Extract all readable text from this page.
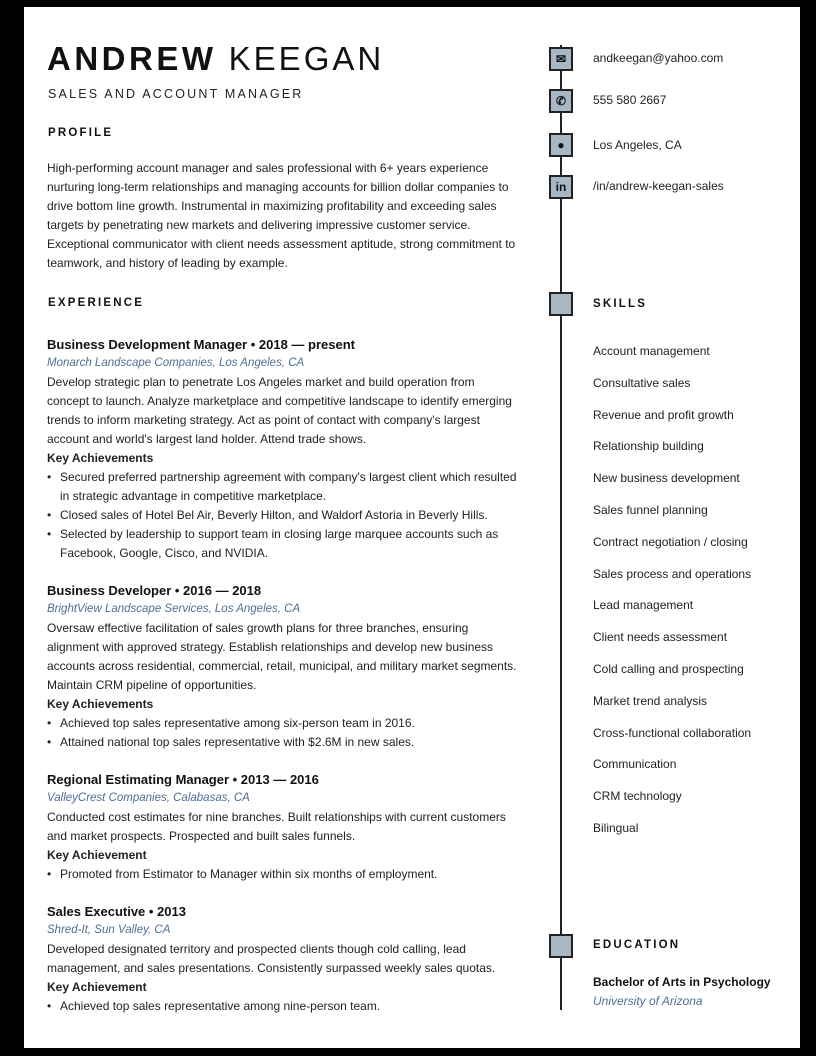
ANDREW KEEGAN
SALES AND ACCOUNT MANAGER
PROFILE
High-performing account manager and sales professional with 6+ years experience nurturing long-term relationships and managing accounts for billion dollar companies to drive bottom line growth. Instrumental in maximizing profitability and exceeding sales targets by penetrating new markets and delivering impressive customer service. Exceptional communicator with client needs assessment aptitude, strong commitment to teamwork, and history of leading by example.
EXPERIENCE
Business Development Manager • 2018 — present
Monarch Landscape Companies, Los Angeles, CA
Develop strategic plan to penetrate Los Angeles market and build operation from concept to launch. Analyze marketplace and competitive landscape to identify emerging trends to inform marketing strategy. Act as point of contact with company's largest account and world's largest land holder. Attend trade shows.
Key Achievements
• Secured preferred partnership agreement with company's largest client which resulted in strategic advantage in competitive marketplace.
• Closed sales of Hotel Bel Air, Beverly Hilton, and Waldorf Astoria in Beverly Hills.
• Selected by leadership to support team in closing large marquee accounts such as Facebook, Google, Cisco, and NVIDIA.
Business Developer • 2016 — 2018
BrightView Landscape Services, Los Angeles, CA
Oversaw effective facilitation of sales growth plans for three branches, ensuring alignment with approved strategy. Establish relationships and develop new business accounts across residential, commercial, retail, municipal, and military market segments. Maintain CRM pipeline of opportunities.
Key Achievements
• Achieved top sales representative among six-person team in 2016.
• Attained national top sales representative with $2.6M in new sales.
Regional Estimating Manager • 2013 — 2016
ValleyCrest Companies, Calabasas, CA
Conducted cost estimates for nine branches. Built relationships with current customers and market prospects. Prospected and built sales funnels.
Key Achievement
• Promoted from Estimator to Manager within six months of employment.
Sales Executive • 2013
Shred-It, Sun Valley, CA
Developed designated territory and prospected clients though cold calling, lead management, and sales presentations. Consistently surpassed weekly sales quotas.
Key Achievement
• Achieved top sales representative among nine-person team.
✉	andkeegan@yahoo.com
✆	555 580 2667
●	Los Angeles, CA
in	/in/andrew-keegan-sales
SKILLS
Account management
Consultative sales
Revenue and profit growth
Relationship building
New business development
Sales funnel planning
Contract negotiation / closing
Sales process and operations
Lead management
Client needs assessment
Cold calling and prospecting
Market trend analysis
Cross-functional collaboration
Communication
CRM technology
Bilingual
EDUCATION
Bachelor of Arts in Psychology
University of Arizona
